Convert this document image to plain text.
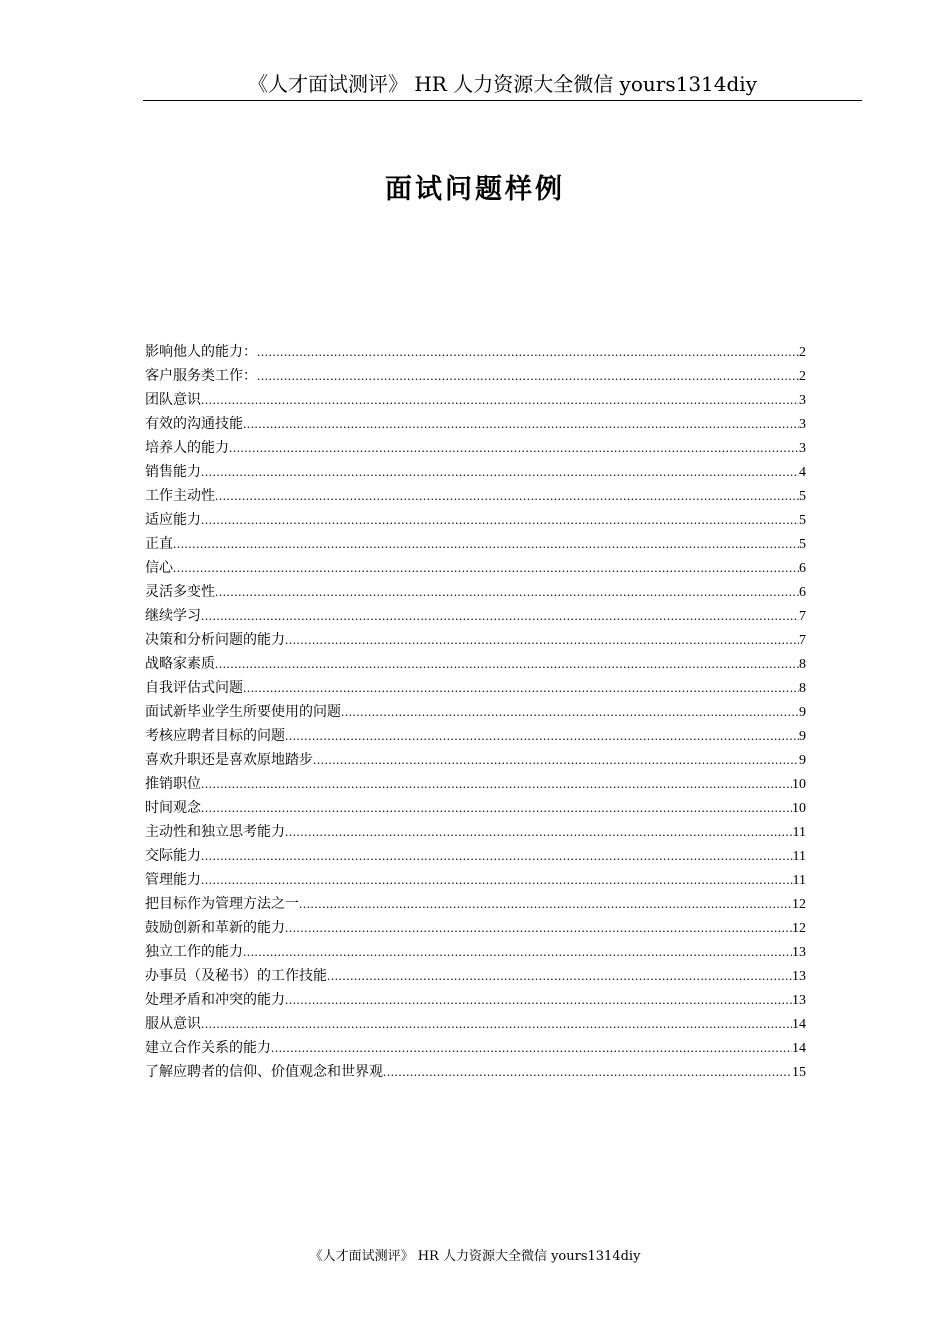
《人才面试测评》 HR 人力资源大全微信 yours1314diy
面试问题样例
影响他人的能力： .....	2
客户服务类工作： .....	2
团队意识 .....	3
有效的沟通技能 .....	3
培养人的能力 .....	3
销售能力 .....	4
工作主动性 .....	5
适应能力 .....	5
正直 .....	5
信心 .....	6
灵活多变性 .....	6
继续学习 .....	7
决策和分析问题的能力 .....	7
战略家素质 .....	8
自我评估式问题 .....	8
面试新毕业学生所要使用的问题 .....	9
考核应聘者目标的问题 .....	9
喜欢升职还是喜欢原地踏步 .....	9
推销职位 .....	10
时间观念 .....	10
主动性和独立思考能力 .....	11
交际能力 .....	11
管理能力 .....	11
把目标作为管理方法之一 .....	12
鼓励创新和革新的能力 .....	12
独立工作的能力 .....	13
办事员（及秘书）的工作技能 .....	13
处理矛盾和冲突的能力 .....	13
服从意识 .....	14
建立合作关系的能力 .....	14
了解应聘者的信仰、价值观念和世界观 .....	15
《人才面试测评》 HR 人力资源大全微信 yours1314diy
